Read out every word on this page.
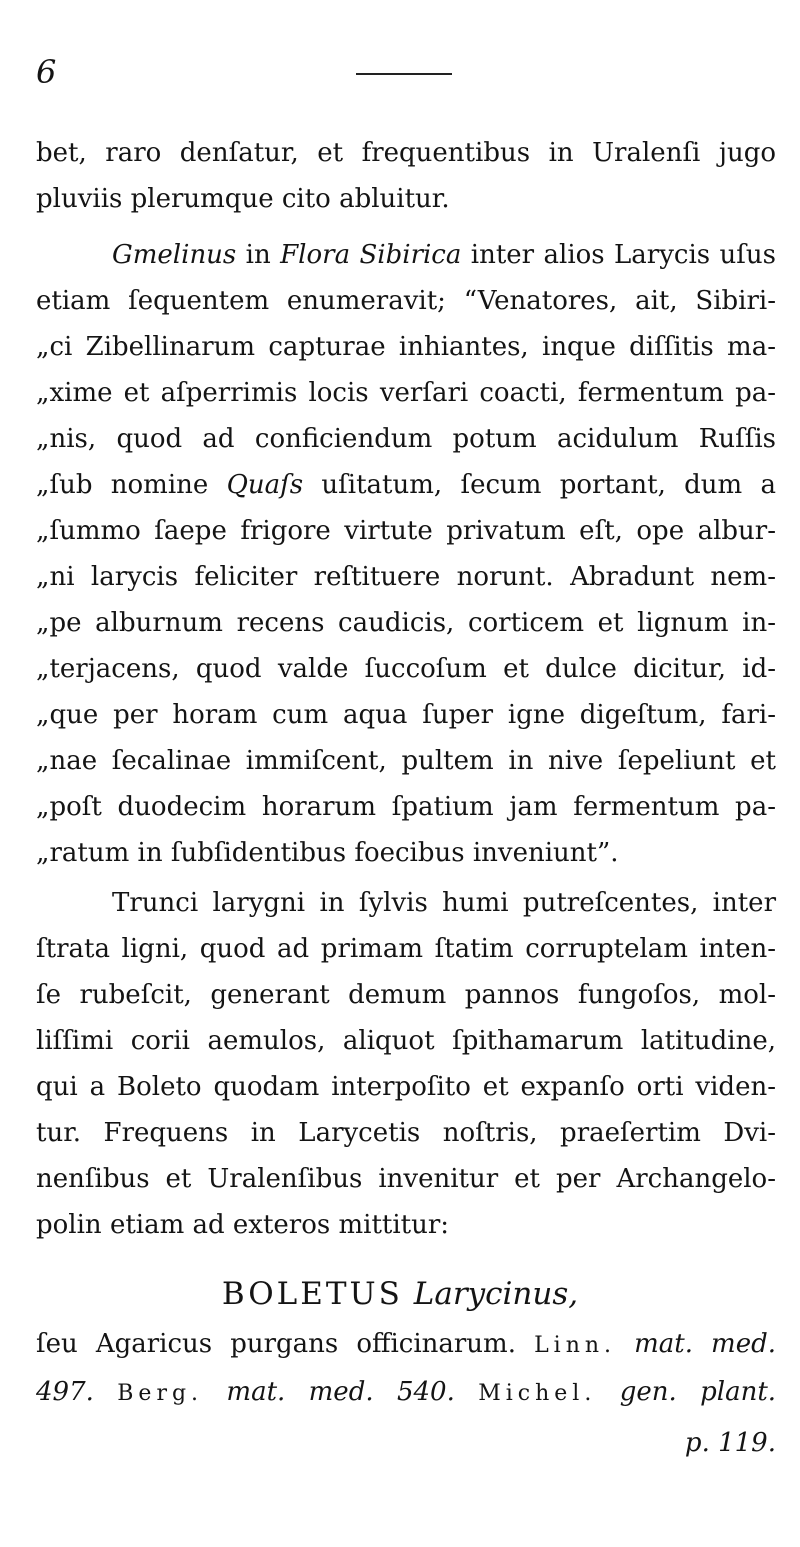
6
bet, raro denſatur, et frequentibus in Uralenſi jugo
pluviis plerumque cito abluitur.
Gmelinus in Flora Sibirica inter alios Larycis uſus
etiam ſequentem enumeravit; “Venatores, ait, Sibiri-
„ci Zibellinarum capturae inhiantes, inque diſſitis ma-
„xime et aſperrimis locis verſari coacti, fermentum pa-
„nis, quod ad conficiendum potum acidulum Ruſſis
„ſub nomine Quaſs uſitatum, ſecum portant, dum a
„ſummo ſaepe frigore virtute privatum eſt, ope albur-
„ni larycis feliciter reſtituere norunt. Abradunt nem-
„pe alburnum recens caudicis, corticem et lignum in-
„terjacens, quod valde ſuccoſum et dulce dicitur, id-
„que per horam cum aqua ſuper igne digeſtum, fari-
„nae ſecalinae immiſcent, pultem in nive ſepeliunt et
„poſt duodecim horarum ſpatium jam fermentum pa-
„ratum in ſubſidentibus foecibus inveniunt”.
Trunci larygni in ſylvis humi putreſcentes, inter
ſtrata ligni, quod ad primam ſtatim corruptelam inten-
ſe rubeſcit, generant demum pannos fungoſos, mol-
liſſimi corii aemulos, aliquot ſpithamarum latitudine,
qui a Boleto quodam interpoſito et expanſo orti viden-
tur. Frequens in Larycetis noſtris, praeſertim Dvi-
nenſibus et Uralenſibus invenitur et per Archangelo-
polin etiam ad exteros mittitur:
BOLETUS Larycinus,
ſeu Agaricus purgans officinarum. Linn. mat. med.
497. Berg. mat. med. 540. Michel. gen. plant.
p. 119.
